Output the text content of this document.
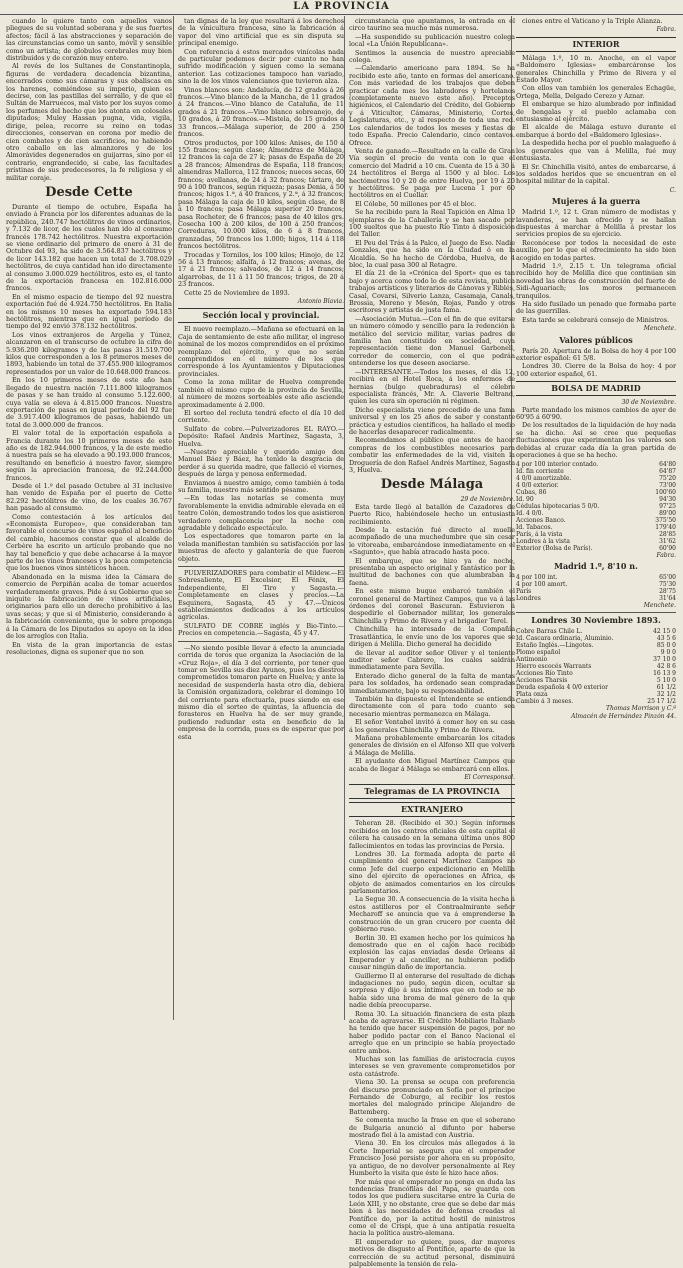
LA PROVINCIA

cuando lo quiere tanto con aquellos vanos pliegues de su voluntad soberana y de sus fuertes afectos; fácil á las abstracciones y separación de las circunstancias como un santo, móvil y sensible como un artista; de globulos cerebrales muy bien distribuidos y de corazón muy entero.

Al revés de los Sultanes de Constantinopla, figuras de verdadera decadencia bizantina, encerrados como sus cámaras y sus obaliscas en los harenes, comiéndose su imperio, quien es decirse, con las pastillas del serrallo, y de que el Sultán de Marruecos, mal visto por los suyos como los perfumes del hecho que los atonta en colosales diputados; Muley Hassan pugna, vida, vigila, dirige, pelea, recorre su reino en todas direcciones, conservan en corona por medio de cien combates y de cien sacrificios, no habiendo otro caballo en las almanzores y de los Almorávides degenerados en guijarras, sino por el contrario, engrandecido, si cabe, las facultades prístinas de sus predecesores, la fe religiosa y el militar coraje.

Desde Cette

Durante el tiempo de octubre, España ha enviado á Francia por los diferentes aduanas de la república, 240.747 hectólitros de vinos ordinarios, y 7.132 de licor, de los cuales han ido al consumo francés 178.742 hectólitros. Nuestra exportación se viene ordinario del primero de enero á 31 de Octubre del 93, ha sido de 3.564.837 hectólitros y de licor 143.182 que hacen un total de 3.708.029 hectólitros, de cuya cantidad han ido directamente al consumo 3.000.029 hectólitros, esto es, el tanto de la exportación francesa en 102.816.000 francos.

En el mismo espacio de tiempo del 92 nuestra exportación fué de 4.924.750 hectólitros. En Italia en los mismos 10 meses ha exportado 594.183 hectólitros, mientras que en igual período de tiempo del 92 envió 378.132 hectólitros.

Los vinos extranjeros de Argelia y Túnez, alcanzaron en el transcurso de octubre la cifra de 5.936.200 kilogramos y de las pasas 31.519.700 kilos que corresponden a los 8 primeros meses de 1893, habiendo un total de 37.455.900 kilogramos representados por un valor de 10.648.000 francos.

En los 10 primeros meses de este año han llegado de nuestra nación 7.111.800 kilogramos de pasas y se han traído al consumo 5.122.600, cuya valía se eleva á 4.815.000 francos. Nuestra exportación de pasas en igual período del 92 fue de 3.917.400 kilogramos de pasas, habiendo un total de 3.000.000 de francos.

El valor total de la exportación española a Francia durante los 10 primeros meses de este año es de 182.944.000 francos, y la de este medio á nuestra país se ha elevado a 90.193.000 francos, resultando en beneficio á nuestro favor, siempre según la apreciación francesa, de 92.244.000 francos.

Desde el 1.º del pasado Octubre al 31 inclusive han venido de España por el puerto de Cette 82.292 hectólitros de vino, de los cuales 36.767 han pasado al consumo.

Como contestación á los artículos del «Economista Europeo», que consideraban tan favorable el concurso de vinos español al beneficio del cambio, hacemos constar que el alcalde de Cerbère ha escrito un artículo probando que no hay tal beneficio y que debe achacarse á la mayor parte de los vinos franceses y la poca competencia que los buenos vinos sintéticos hacen.

Abandonada en la misma idea la Cámara de comercio de Perpiñán acaba de tomar acuerdos verdaderamente graves. Pide á su Gobierno que se iniquite la fabricación de vinos artificiales, originarios para ello un derecho prohibitivo á las uvas secas; y que si el Ministerio, considerando á la fabricación conveniente, que le sobre proponga á la Cámara de los Diputados su apoyo en la idea de los arreglos con Italia.

En vista de la gran importancia de estas resoluciones, digna es suponer que no son

tan dignas de la ley que resultará á los derechos de la vinicultura francesa, sino la fabricación á vapor del vino artificial que es sin disputa su principal enemigo.

Con referencia á estos mercados vinícolas nada de particular podemos decir por cuanto no han sufrido modificación y siguen como la semana anterior. Las cotizaciones tampoco han variado, sino la de los vinos valencianos que tuvieron alza.

Vinos blancos son: Andalucía, de 12 grados á 26 francos.—Vino blanco de la Mancha, de 11 grados á 24 francos.—Vino blanco de Cataluña, de 11 grados á 21 francos.—Vino blanco sobreanejo, de 10 grados, á 20 francos.—Mistela, de 15 grados á 33 francos.—Málaga superior, de 200 á 250 francos.

Otros productos, por 100 kilos: Anises, de 150 á 155 francos; según clase; Almendras de Málaga, 12 francos la caja de 27 k; pasas de España de 20 a 28 francos; Almendras de España, 118 francos; almendras Mallorca, 112 francos; nueces secas, 60 francos; avellanas, de 24 á 32 francos; tártaro, de 90 á 100 francos, según riqueza; pasas Denia, á 50 francos; higos 1.ª, á 40 francos, y 2.ª, á 32 francos; pasa Málaga la caja de 10 kilos, según clase, de 8 á 10 francos; pasa Málaga superior 20 francos; pasa Rocheter, de 6 francos; pasa de 40 kilos grs. Cosecha 100 á 200 kilos, de 100 á 250 francos; Correduras, 10.000 kilos, de 6 á 8 francos, granzadas, 50 francos los 1.000; higos, 114 á 118 francos hectólitros.

Trocadas y Tornilos, los 100 kilos; Hinojo, de 12 56 á 13 francos; alfalfa, á 12 francos; avenas, de 17 á 21 francos; salvados, de 12 á 14 francos; algarrobas, de 11 á 11 50 francos; trigos, de 20 á 23 francos.

Cette 25 de Noviembre de 1893.

Antonio Blavia.
Sección local y provincial.

El nuevo reemplazo.—Mañana se efectuará en la Caja de sentamiento de este año militar, el ingreso nominal de los mozos comprendidos en el próximo reemplazo del ejército, y que no serán comprendidos en el número de los que corresponde á los Ayuntamientos y Diputaciones provinciales.

Como la zona militar de Huelva comprende también el mismo cupo de la provincia de Sevilla, al número de mozos sorteables este año asciende aproximadamente á 2.000.

El sorteo del recluta tendrá efecto el día 10 del corriente.

Sulfato de cobre.—Pulverizadores EL RAYO.—Depósito: Rafael Andrés Martínez, Sagasta, 3, Huelva.

—Nuestro apreciable y querido amigo don Manuel Báez y Báez, ha tenido la desgracia de perder á su querida madre, que falleció el viernes, después de larga y penosa enfermedad.

Enviamos á nuestro amigo, como también á toda su familia, nuestro más sentido pésame.

—En todas las notarías se comenta muy favorablemente la envidia admirable elevada en el teatro Colón, demostrando todos los que asistieron verdadero complacencia por la noche con agradable y delicado espectáculo.

Los espectadores que tomaron parte en la velada manifiestan también su satisfacción por las muestras de afecto y galantería de que fueron objeto.

PULVERIZADORES para combatir el Mildew.—El Sobresaliente, El Excelsior, El Fénix, El Independiente, El Tiro y Sagasta.—Completamente en clases y precios.—La Esquinera, Sagasta, 45 y 47.—Únicos establecimientos dedicados á los artículos agrícolas.

SULFATO DE COBRE inglés y Bio-Tinto.—Precios en competencia.—Sagasta, 45 y 47.

—No siendo posible llevar á efecto la anunciada corrida de toros que organiza la Asociación de la «Cruz Roja», el día 3 del corriente, por tener que tomar en Sevilla sus diez Ayunos, pues los diestros comprometidos tomaron parte en Huelva; y ante la necesidad de suspenderla hasta otro día, debiera la Comisión organizadora, celebrar el domingo 10 del corriente para efectuarla, pues siendo en ese mismo día el sorteo de quintas, la afluencia de forasteros en Huelva ha de ser muy grande, pudiendo redundar esta en beneficio de la empresa de la corrida, pues es de esperar que por esta

circunstancia que apuntamos, la entrada en el circo taurino sea mucho más numerosa.

—Ha suspendido su publicación nuestro colega local «La Unión Republicana».

Sentimos la ausencia de nuestro apreciable colega.

—Calendario americano para 1894. Se ha recibido este año, tanto en formas del americano. Con más variedad de los trabajos que deben practicar cada mes los labradores y hortelanos (completamente nuevo este año). Preceptos higiénicos, el Calendario del Crédito, del Gobierno y á Viticultor, Cámaras, Ministerio, Cortes, Legislaturas, etc., y al respecto de toda una red. Los calendarios de todos los meses y fiestas de todo España. Precio Calendario, cinco centavos. Ofrece.

Venta de ganado.—Resultado en la calle de Gran Vía según el precio de venta con lo que el comercio del Madrid a 10 cm. Cuenta de 15 á 30 á 24 hectólitros el Berga al 1500 y al bloc. Los hectómetros 10 y 20 de entre Huelva, por 19 á 20 y hectólitros. Se paga por Lucena 1 por 60 hectólitros en el Cuellar.

El Cólebe, 50 millones por 45 el bloc.

Se ha recibido para la Real Tapición en Alma 10 ejemplares de la Caballería y se han sacado por 100 sueltos que ha puesto Río Tinto á disposición del Taller.

El Peu del Trás á la Palco, el Juego de Eso. Nadie Gonzales, que ha sido en la Ciudad ó en la Alcaldía. Se ha hecho de Córdoba, Huelva, de 4 bloc, la cual pasa 300 al Retagre.

El día 21 de la «Crónica del Sport» que es tan bajo y acerca como todo lo de esta revista, publica trabajos artísticos y literarios de Cánovas y Riblés, Casal, Covarsi, Silverio Lanza, Casamaja, Canals, Brossia, Moreno y Mesón, Rojas, Pando y otros escritores y artistas de justa fama.

—Asociación Mutua.—Con el fin de que evitarse un número cómodo y sencillo para la redención á metálico del servicio militar, varias padres de familia han constituido en sociedad, cuya representación tiene don Manuel Garbonell, corredor de comercio, con el que podrán entenderse los que deseen asociarse.

—INTERESANTE.—Todos los meses, el día 12, recibirá en el Hotel Roca, á los enfermos de hernias (bulgo quebraduras) el célebre especialista francés, Mr. A. Claverie Beltrand, quien les cura sin operación ni régimen.

Dicho especialista viene precedido de una fama universal y en los 25 años de saber y constante práctica y estudios científicos, ha hallado el medio de hacerlas desaparecer radicalmente.

Recomendamos al público que antes de hacer compras de los combustibles necesarios para combatir las enfermedades de la vid, visiten la Droguería de don Rafael Andrés Martínez, Sagasta 3, Huelva.

Desde Málaga
29 de Noviembre.

Esta tarde llegó al batallón de Cazadores de Puerto Rico, habiéndosele hecho un entusiasta recibimiento.

Desde la estación fué directo al muelle acompañado de una muchedumbre que sin cesar le vitoreaba, embarcándose inmediatamente en el «Saguntо», que había atracado hasta poco.

El embarque, que se hizo ya de noche, presentaba un aspecto original y fantástico por la multitud de bachones con que alumbraban la faena.

En este mismo buque embarcó también el coronel general de Martínez Campos, que va á las órdenes del coronel Bascuran. Estuvieron á despedirle el Gobernador militar, los generales Chinchilla y Primo de Rivera y el brigadier Terel.

Chinchilla ha interesado de la Compañía Trasatlántica, le envíe uno de los vapores que se dirigen á Melilla. Dicho general ha decidido

de llevar al auditor señor Oliver y el teniente auditor señor Cabrero, los cuales saldrán inmediatamente para Sevilla.

Enterado dicho general de la falta de mantas para los soldados, ha ordenado sean compradas inmediatamente, bajo su responsabilidad.

También ha dispuesto el Intendente se entienda directamente con el para todo cuanto sea necesario mientras permanezca en Málaga.

El señor Ventabel invitó á comer hoy en su casa á los generales Chinchilla y Primo de Rivera.

Mañana probablemente embarcarán los citados generales de división en el Alfonso XII que volverá á Málaga de Melilla.

El ayudante don Miguel Martínez Campos que acaba de llegar á Málaga se embarcará con ellos.

El Corresponsal.
Telegramas de LA PROVINCIA
EXTRANJERO

Teheran 28. (Recibido el 30.) Según informes recibidos en los centros oficiales de esta capital el cólera ha causado en la semana última unos 800 fallecimientos en todas las provincias de Persia.

Londres 30. La formada adopta de parte el cumplimiento del general Martínez Campos no como Jefe del cuerpo expedicionario en Melilla sino del ejército de operaciones en África, es objeto de animados comentarios en los círculos parlamentarios.

La Segue 30. A consecuencia de la visita hecha á estos astilleros por el Contraalmirante señor Mecharoff se anuncia que va á emprenderse la construcción de un gran crucero por cuenta del gobierno ruso.

Berlin 30. El examen hecho por los químicos ha demostrado que en el cajón hace recibido explosión las cajas enviadas desde Orleans al Emperador y al canciller, no hubieran podido causar ningún daño de importancia.

Guillermo II al enterarse del resultado de dichas indagaciones no pudo, según dicen, ocultar su sorpresa y dijo á sus íntimos que en todo se no había sido una broma de mal género de la que nadie debía preocuparse.

Roma 30. La situación financiera de esta plaza acaba de agravarse. El Crédito Mobiliario Italiano ha tenido que hacer suspensión de pagos, por no haber podido pactar con el Banco Nacional el arreglo que en un principio se había proyectado entre ambos.

Muchas son las familias de aristocracia cuyos intereses se ven gravemente comprometidos por esta catástrofe.

Viena 30. La prensa se ocupa con preferencia del discurso pronunciado en Sofía por el príncipe Fernando de Coburgo, al recibir los restos mortales del malogrado príncipe Alejandro de Battemberg.

Se comenta mucho la frase en que el soberano de Bulgaria anunció al difunto por haberse mostrado fiel á la amistad con Austria.

Viena 30. En los círculos más allegados á la Corte Imperial se asegura que el emperador Francisco José persiste por ahora en su propósito, ya antiguo, de no devolver personalmente al Rey Humberto la visita que éste le hizo hace años.

Por más que el emperador no ponga en duda las tendencias francófilas del Papa, se guarda con todos los que pudiera suscitarse entre la Curia de León XIII, y no obstante, cree que se debe dar más bien á las necesidades de defensa creadas al Pontífice do, por la actitud hostil de ministros como el de Crispi, que á una antipatía resuelta hacia la política austro-alemana.

El emperador no quiere, pues, dar mayores motivos de disgusto al Pontífice, aparte de que la corrección de su actitud personal, disminuirá palpablemente la tensión de rela-

ciones entre el Vaticano y la Triple Alianza.

Fabra.
INTERIOR

Málaga 1.º, 10 m. Anoche, en el vapor «Baldomero Iglesias» embarcáronse los generales Chinchilla y Primo de Rivera y el Estado Mayor.

Con ellos van también los generales Echagüe, Ortega, Mella, Delgado Cerezo y Aznar.

El embarque se hizo alumbrado por infinidad de bengalas y el pueblo aclamaba con entusiasmo al ejército.

El alcalde de Málaga estuvo durante el embarque á bordo del «Baldomero Iglesias».

La despedida hecha por el pueblo malagueño á los generales que van á Melilla, fué muy entusiasta.

El Sr. Chinchilla visitó, antes de embarcarse, á los soldados heridos que se encuentran en el hospital militar de la capital.

C.
Mujeres á la guerra

Madrid 1.º, 12 t. Gran número de modistas y lavanderas, se han ofrecido y se hallan dispuestas á marchar á Melilla á prestar los servicios propios de su ejercicio.

Reconócese por todos la necesidad de este auxilio, por lo que el ofrecimiento ha sido bien acogido en todas partes.

Madrid 1.º, 2.15 t. Un telegrama oficial recibido hoy de Melilla dice que continúan sin novedad las obras de construcción del fuerte de Sidi-Aguariach; los moros permanecen tranquilos.

Ha sido fusilado un penado que formaba parte de las guerrillas.

Esta tarde se celebrará consejo de Ministros.

Menchete.
Valores públicos

París 20. Apertura de la Bolsa de hoy 4 por 100 exterior español: 61 5/8.

Londres 30. Cierre de la Bolsa de hoy: 4 por 100 exterior español, 61.

BOLSA DE MADRID
30 de Noviembre.

Parte mandado los mismos cambios de ayer de 60'95 á 60'90.

De los resultados de la liquidación de hoy nada se ha dicho. Así se cree que pequeñas fluctuaciones que experimentan los valores son debidas al cruzar cada día la gran partida de operaciones á que se ha hecho.

4 por 100 interior contado.	64'80
Id. fin corriente	64'87
4 0/0 amortizable.	75'20
4 0/0 exterior.	73'00
Cubas, 86	100'60
Id. 90	94'30
Cédulas hipotecarias 5 0/0.	97'25
Id. 4 0/0.	89'00
Acciones Banco.	375'50
Id. Tabacos.	179'40
París, á la vista	28'85
Londres á la vista	31'62
Exterior (Bolsa de París).	60'90
Fabra.
Madrid 1.º, 8'10 n.
4 por 100 int.	65'00
4 por 100 amort.	75'30
París	28'75
Londres	31'64
Menchete.
Londres 30 Noviembre 1893.
Cobre Barras Chile L.	42 15 0
Id. Cascara ordinaria, Aluminio.	43 5 6
Estaño Inglés.—Lingotes.	85 0 0
Plomo español	9 0 0
Antimonio	37 10 0
Hierro escocés Warrants	42 8 6
Acciones Río Tinto	16 13 9
Acciones Tharsis	5 10 0
Deuda española 4 0/0 exterior	61 1/2
Plata onza	32 1/2
Cambio á 3 meses.	25 17 1/2
Thomas Morrison y C.ª
Almacén de Hernández Pinzón 44.
